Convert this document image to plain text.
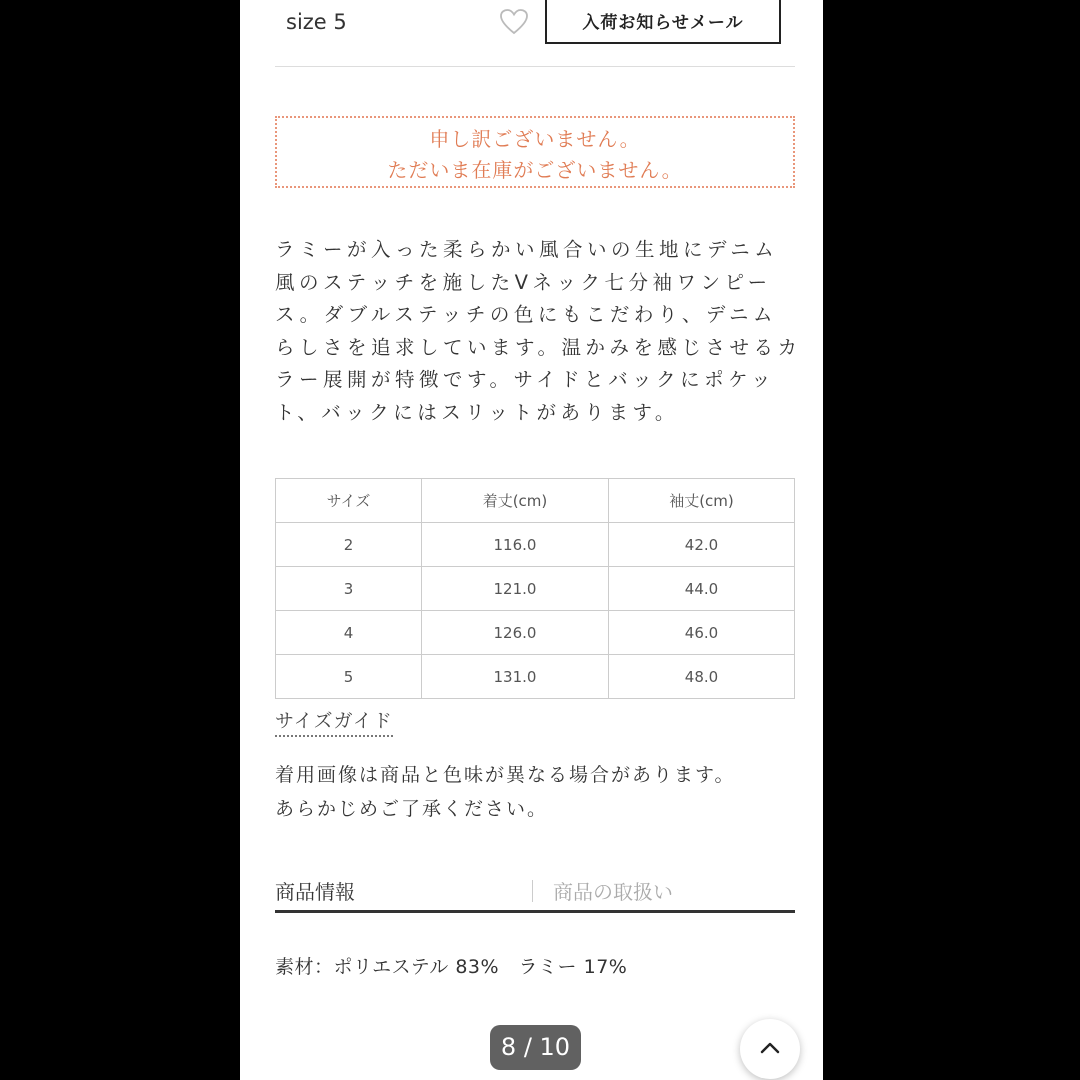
size 5	入荷お知らせメール
申し訳ございません。
ただいま在庫がございません。
ラミーが入った柔らかい風合いの生地にデニム
風のステッチを施したVネック七分袖ワンピー
ス。ダブルステッチの色にもこだわり、デニム
らしさを追求しています。温かみを感じさせるカ
ラー展開が特徴です。サイドとバックにポケッ
ト、バックにはスリットがあります。
サイズ	着丈(cm)	袖丈(cm)
2	116.0	42.0
3	121.0	44.0
4	126.0	46.0
5	131.0	48.0
サイズガイド
着用画像は商品と色味が異なる場合があります。
あらかじめご了承ください。
商品情報	商品の取扱い
素材：ポリエステル 83%　ラミー 17%
8 / 10
